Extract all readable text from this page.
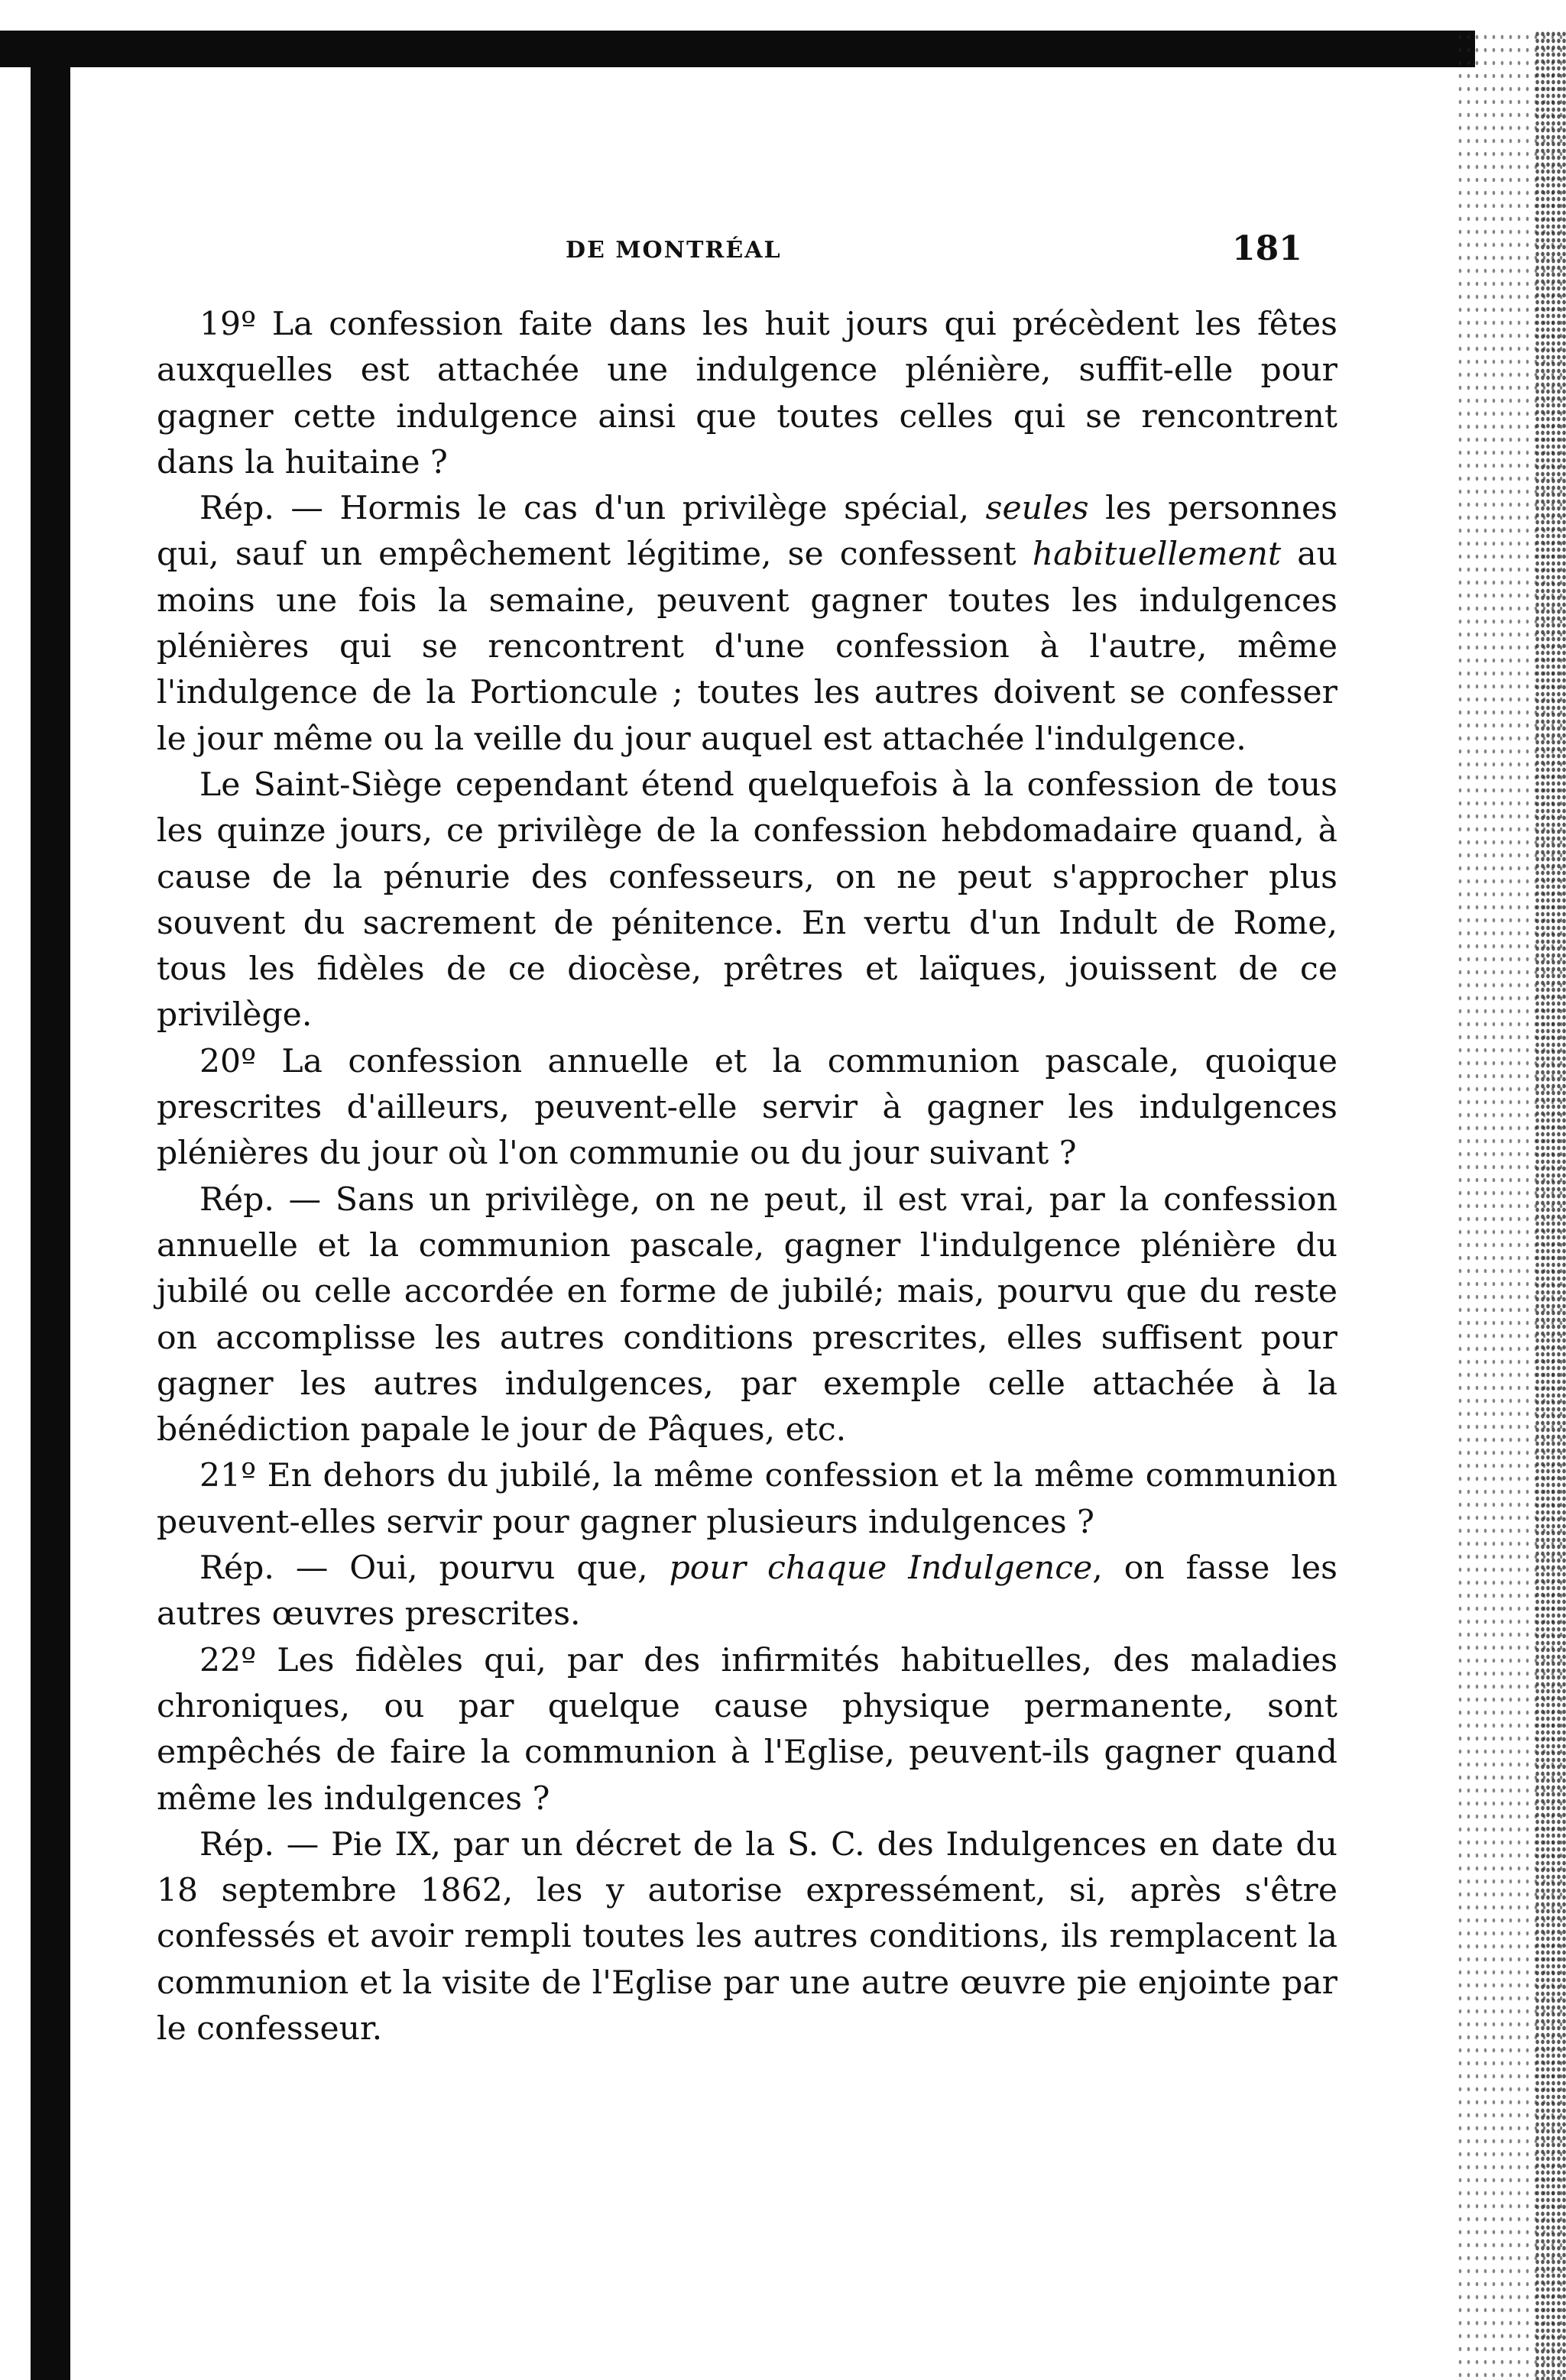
DE MONTRÉAL	181

19º La confession faite dans les huit jours qui précèdent les fêtes auxquelles est attachée une indulgence plénière, suffit-elle pour gagner cette indulgence ainsi que toutes celles qui se rencontrent dans la huitaine ?

Rép. — Hormis le cas d'un privilège spécial, seules les personnes qui, sauf un empêchement légitime, se confessent habituellement au moins une fois la semaine, peuvent gagner toutes les indulgences plénières qui se rencontrent d'une confession à l'autre, même l'indulgence de la Portioncule ; toutes les autres doivent se confesser le jour même ou la veille du jour auquel est attachée l'indulgence.

Le Saint-Siège cependant étend quelquefois à la confession de tous les quinze jours, ce privilège de la confession hebdomadaire quand, à cause de la pénurie des confesseurs, on ne peut s'approcher plus souvent du sacrement de pénitence. En vertu d'un Indult de Rome, tous les fidèles de ce diocèse, prêtres et laïques, jouissent de ce privilège.

20º La confession annuelle et la communion pascale, quoique prescrites d'ailleurs, peuvent-elle servir à gagner les indulgences plénières du jour où l'on communie ou du jour suivant ?

Rép. — Sans un privilège, on ne peut, il est vrai, par la confession annuelle et la communion pascale, gagner l'indulgence plénière du jubilé ou celle accordée en forme de jubilé; mais, pourvu que du reste on accomplisse les autres conditions prescrites, elles suffisent pour gagner les autres indulgences, par exemple celle attachée à la bénédiction papale le jour de Pâques, etc.

21º En dehors du jubilé, la même confession et la même communion peuvent-elles servir pour gagner plusieurs indulgences ?

Rép. — Oui, pourvu que, pour chaque Indulgence, on fasse les autres œuvres prescrites.

22º Les fidèles qui, par des infirmités habituelles, des maladies chroniques, ou par quelque cause physique permanente, sont empêchés de faire la communion à l'Eglise, peuvent-ils gagner quand même les indulgences ?

Rép. — Pie IX, par un décret de la S. C. des Indulgences en date du 18 septembre 1862, les y autorise expressément, si, après s'être confessés et avoir rempli toutes les autres conditions, ils remplacent la communion et la visite de l'Eglise par une autre œuvre pie enjointe par le confesseur.
